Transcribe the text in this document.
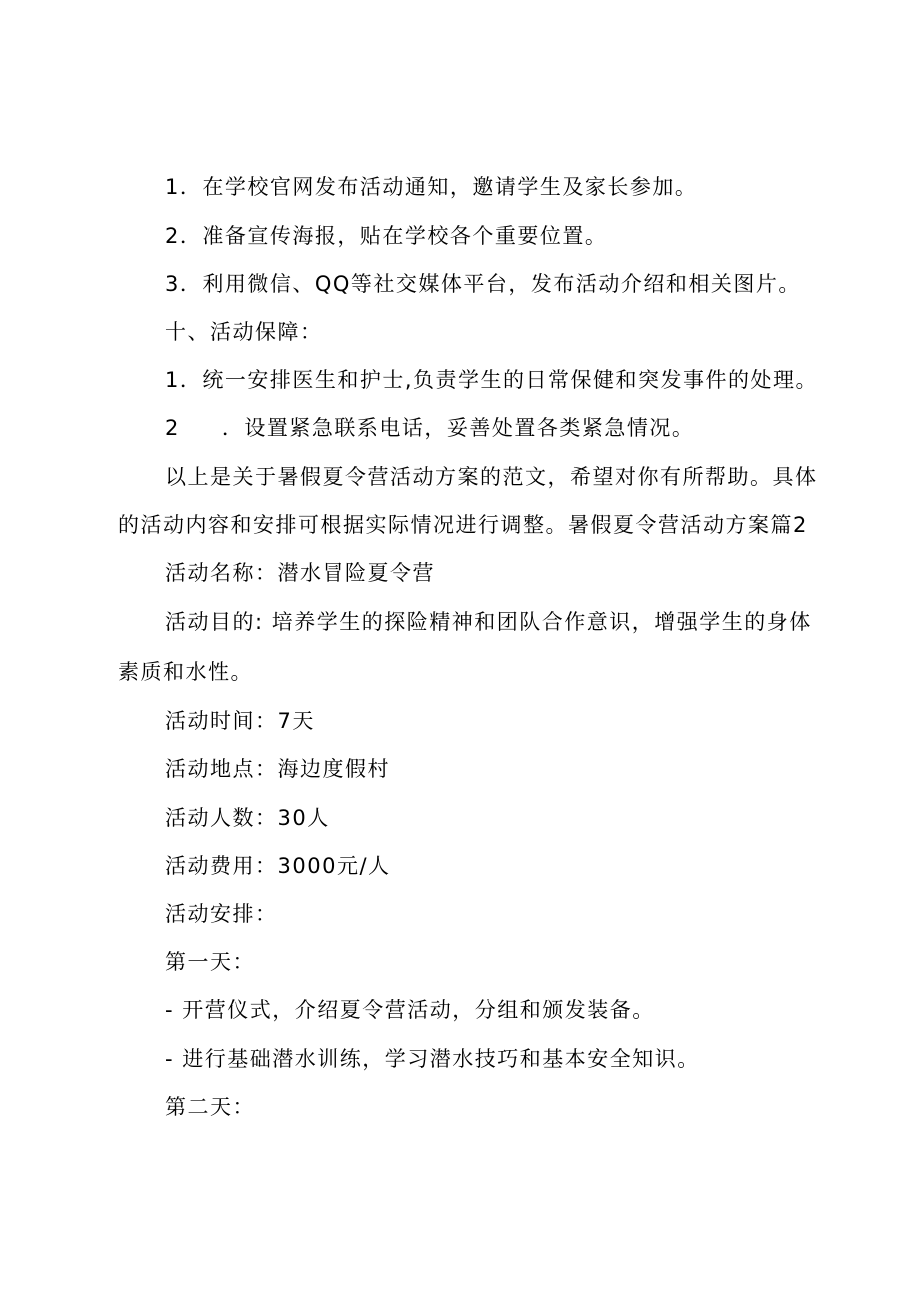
1．在学校官网发布活动通知，邀请学生及家长参加。
2．准备宣传海报，贴在学校各个重要位置。
3．利用微信、QQ等社交媒体平台，发布活动介绍和相关图片。
十、活动保障：
1．统一安排医生和护士,负责学生的日常保健和突发事件的处理。
2 ．设置紧急联系电话，妥善处置各类紧急情况。
以上是关于暑假夏令营活动方案的范文，希望对你有所帮助。具体
的活动内容和安排可根据实际情况进行调整。暑假夏令营活动方案篇2
活动名称：潜水冒险夏令营
活动目的: 培养学生的探险精神和团队合作意识，增强学生的身体
素质和水性。
活动时间：7天
活动地点：海边度假村
活动人数：30人
活动费用：3000元/人
活动安排：
第一天：
- 开营仪式，介绍夏令营活动，分组和颁发装备。
- 进行基础潜水训练，学习潜水技巧和基本安全知识。
第二天：
